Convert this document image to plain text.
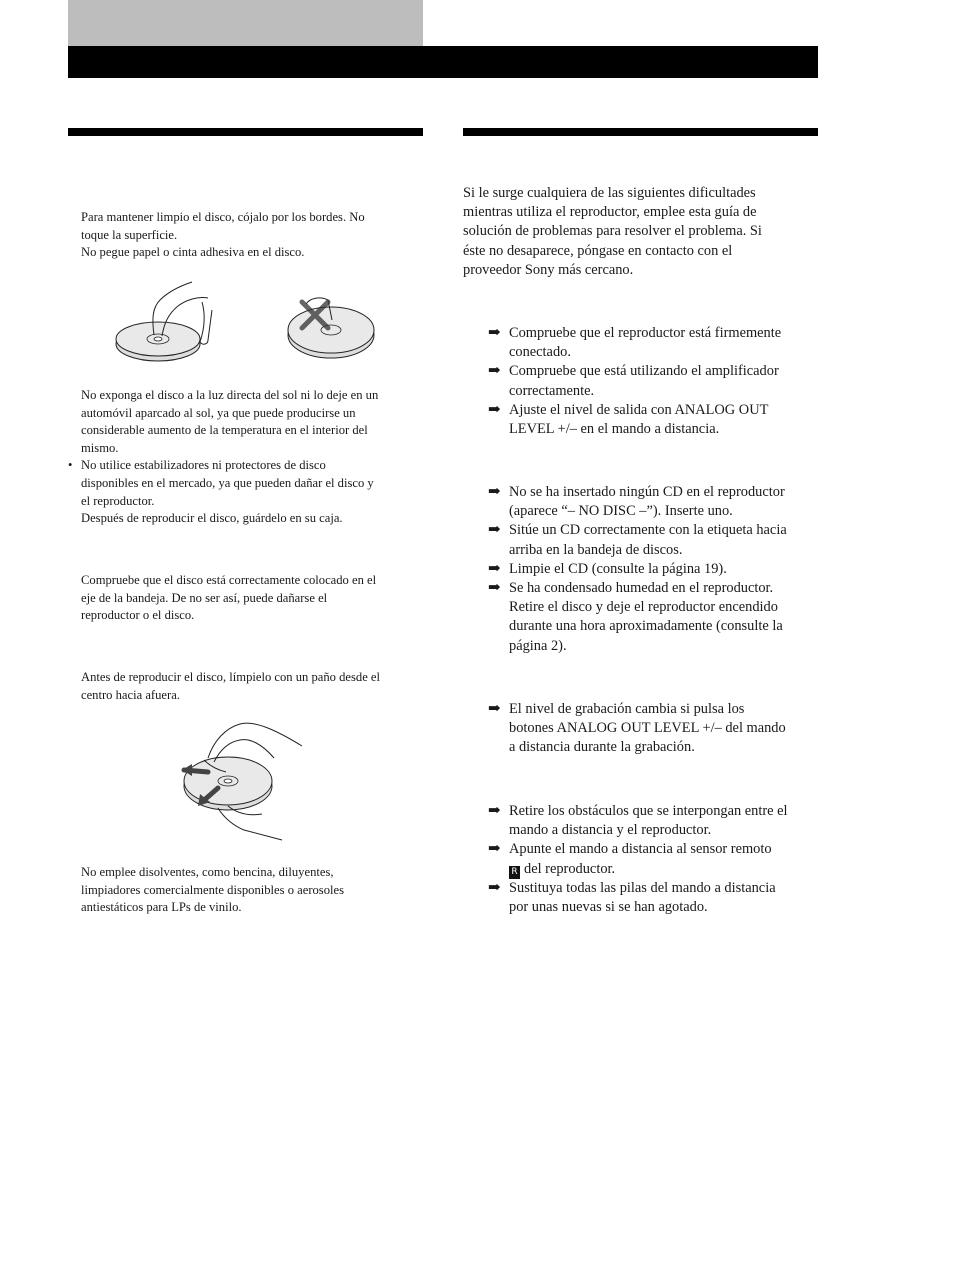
Para mantener limpio el disco, cójalo por los bordes. No

toque la superficie.

No pegue papel o cinta adhesiva en el disco.

No exponga el disco a la luz directa del sol ni lo deje en un

automóvil aparcado al sol, ya que puede producirse un

considerable aumento de la temperatura en el interior del

mismo.

• No utilice estabilizadores ni protectores de disco

disponibles en el mercado, ya que pueden dañar el disco y

el reproductor.

Después de reproducir el disco, guárdelo en su caja.

Compruebe que el disco está correctamente colocado en el

eje de la bandeja. De no ser así, puede dañarse el

reproductor o el disco.

Antes de reproducir el disco, límpielo con un paño desde el

centro hacia afuera.

No emplee disolventes, como bencina, diluyentes,

limpiadores comercialmente disponibles o aerosoles

antiestáticos para LPs de vinilo.

Si le surge cualquiera de las siguientes dificultades
mientras utiliza el reproductor, emplee esta guía de
solución de problemas para resolver el problema. Si
éste no desaparece, póngase en contacto con el
proveedor Sony más cercano.
➡ Compruebe que el reproductor está firmemente
conectado.
➡ Compruebe que está utilizando el amplificador
correctamente.
➡ Ajuste el nivel de salida con ANALOG OUT
LEVEL +/– en el mando a distancia.
➡ No se ha insertado ningún CD en el reproductor
(aparece “– NO DISC –”). Inserte uno.
➡ Sitúe un CD correctamente con la etiqueta hacia
arriba en la bandeja de discos.
➡ Limpie el CD (consulte la página 19).
➡ Se ha condensado humedad en el reproductor.
Retire el disco y deje el reproductor encendido
durante una hora aproximadamente (consulte la
página 2).
➡ El nivel de grabación cambia si pulsa los
botones ANALOG OUT LEVEL +/– del mando
a distancia durante la grabación.
➡ Retire los obstáculos que se interpongan entre el
mando a distancia y el reproductor.
➡ Apunte el mando a distancia al sensor remoto
R del reproductor.
➡ Sustituya todas las pilas del mando a distancia
por unas nuevas si se han agotado.
